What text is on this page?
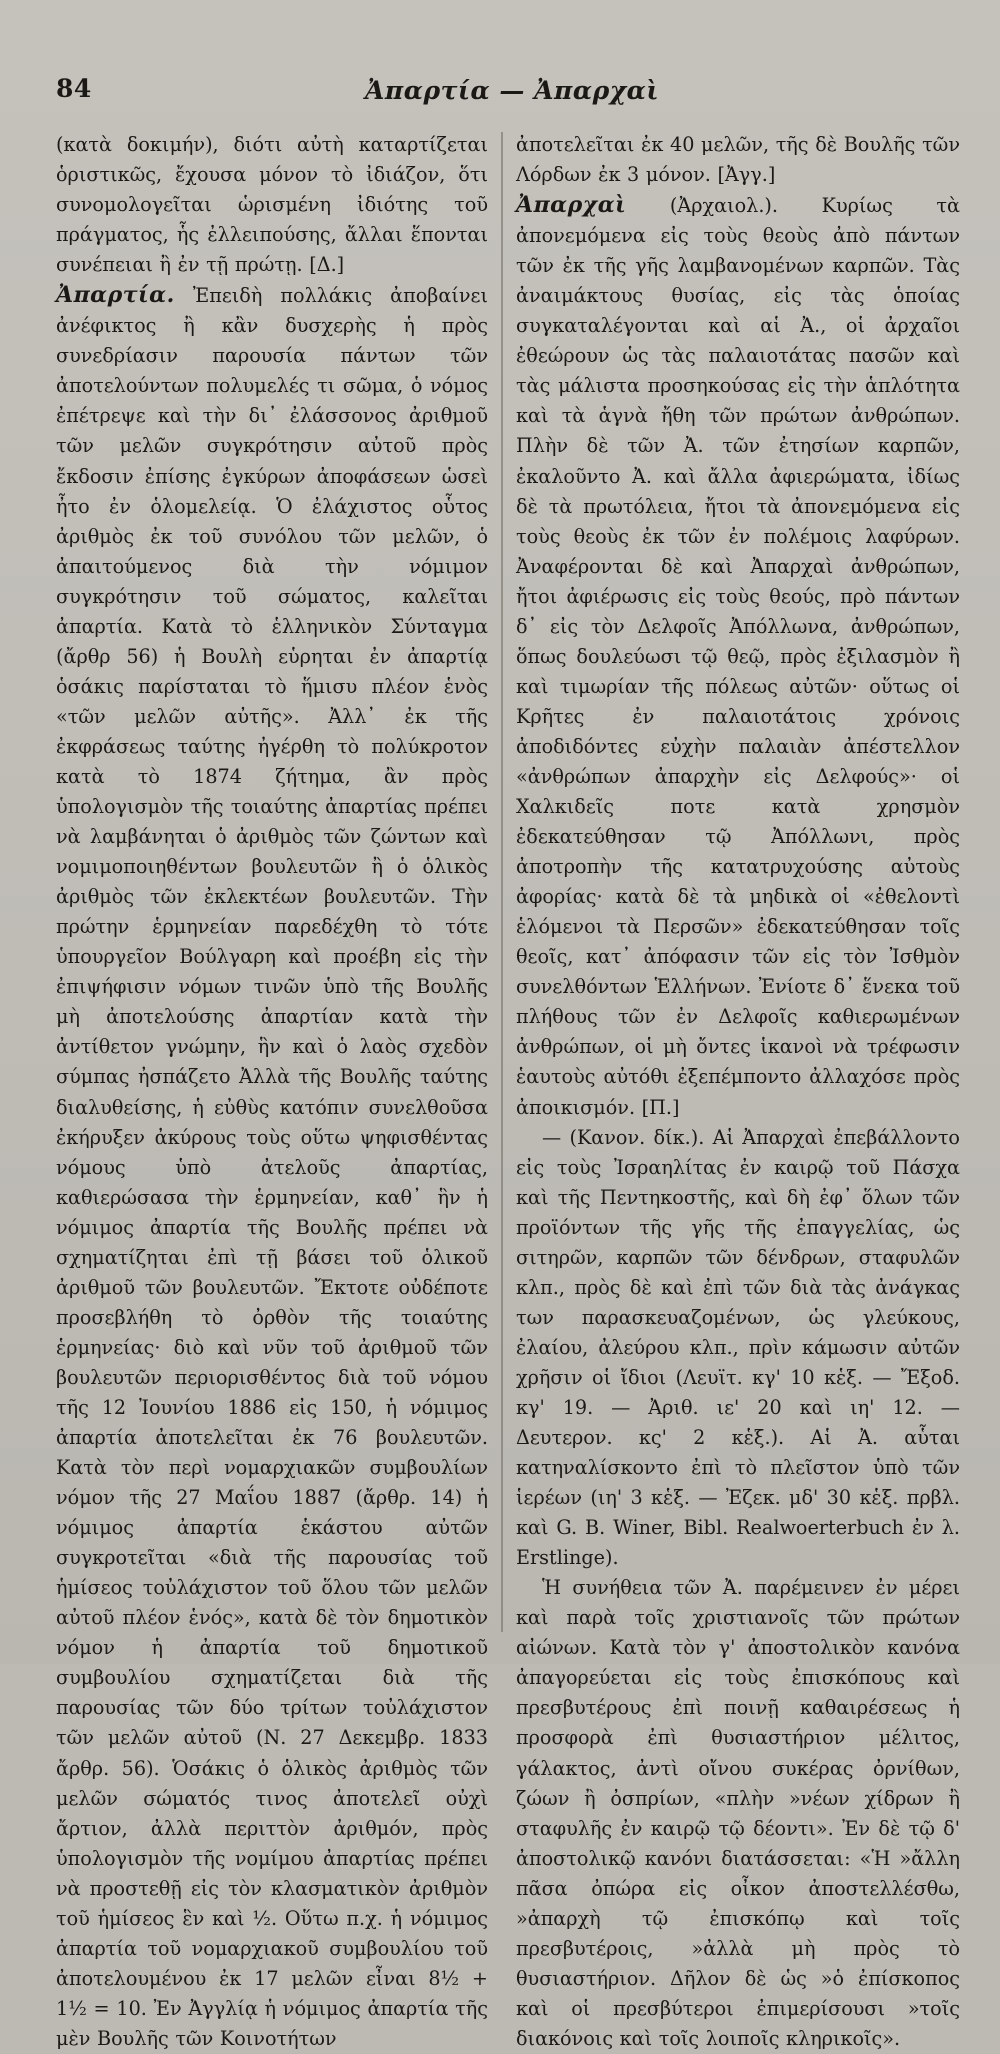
84	Ἀπαρτία — Ἀπαρχαὶ

(κατὰ δοκιμήν), διότι αὐτὴ καταρτίζεται ὁριστικῶς, ἔχουσα μόνον τὸ ἰδιάζον, ὅτι συνομολογεῖται ὡρισμένη ἰδιότης τοῦ πράγματος, ἧς ἐλλειπούσης, ἄλλαι ἕπονται συνέπειαι ἢ ἐν τῇ πρώτῃ. [Δ.]

Ἀπαρτία. Ἐπειδὴ πολλάκις ἀποβαίνει ἀνέφικτος ἢ κἂν δυσχερὴς ἡ πρὸς συνεδρίασιν παρουσία πάντων τῶν ἀποτελούντων πολυμελές τι σῶμα, ὁ νόμος ἐπέτρεψε καὶ τὴν δι᾿ ἐλάσσονος ἀριθμοῦ τῶν μελῶν συγκρότησιν αὐτοῦ πρὸς ἔκδοσιν ἐπίσης ἐγκύρων ἀποφάσεων ὡσεὶ ἦτο ἐν ὁλομελείᾳ. Ὁ ἐλάχιστος οὗτος ἀριθμὸς ἐκ τοῦ συνόλου τῶν μελῶν, ὁ ἀπαιτούμενος διὰ τὴν νόμιμον συγκρότησιν τοῦ σώματος, καλεῖται ἀπαρτία. Κατὰ τὸ ἑλληνικὸν Σύνταγμα (ἄρθρ 56) ἡ Βουλὴ εὑρηται ἐν ἀπαρτίᾳ ὁσάκις παρίσταται τὸ ἥμισυ πλέον ἑνὸς «τῶν μελῶν αὐτῆς». Ἀλλ᾿ ἐκ τῆς ἐκφράσεως ταύτης ἠγέρθη τὸ πολύκροτον κατὰ τὸ 1874 ζήτημα, ἂν πρὸς ὑπολογισμὸν τῆς τοιαύτης ἀπαρτίας πρέπει νὰ λαμβάνηται ὁ ἀριθμὸς τῶν ζώντων καὶ νομιμοποιηθέντων βουλευτῶν ἢ ὁ ὁλικὸς ἀριθμὸς τῶν ἐκλεκτέων βουλευτῶν. Τὴν πρώτην ἑρμηνείαν παρεδέχθη τὸ τότε ὑπουργεῖον Βούλγαρη καὶ προέβη εἰς τὴν ἐπιψήφισιν νόμων τινῶν ὑπὸ τῆς Βουλῆς μὴ ἀποτελούσης ἀπαρτίαν κατὰ τὴν ἀντίθετον γνώμην, ἣν καὶ ὁ λαὸς σχεδὸν σύμπας ἠσπάζετο Ἀλλὰ τῆς Βουλῆς ταύτης διαλυθείσης, ἡ εὐθὺς κατόπιν συνελθοῦσα ἐκήρυξεν ἀκύρους τοὺς οὕτω ψηφισθέντας νόμους ὑπὸ ἀτελοῦς ἀπαρτίας, καθιερώσασα τὴν ἑρμηνείαν, καθ᾿ ἣν ἡ νόμιμος ἀπαρτία τῆς Βουλῆς πρέπει νὰ σχηματίζηται ἐπὶ τῇ βάσει τοῦ ὁλικοῦ ἀριθμοῦ τῶν βουλευτῶν. Ἔκτοτε οὐδέποτε προσεβλήθη τὸ ὀρθὸν τῆς τοιαύτης ἑρμηνείας· διὸ καὶ νῦν τοῦ ἀριθμοῦ τῶν βουλευτῶν περιορισθέντος διὰ τοῦ νόμου τῆς 12 Ἰουνίου 1886 εἰς 150, ἡ νόμιμος ἀπαρτία ἀποτελεῖται ἐκ 76 βουλευτῶν. Κατὰ τὸν περὶ νομαρχιακῶν συμβουλίων νόμον τῆς 27 Μαΐου 1887 (ἄρθρ. 14) ἡ νόμιμος ἀπαρτία ἑκάστου αὐτῶν συγκροτεῖται «διὰ τῆς παρουσίας τοῦ ἡμίσεος τοὐλάχιστον τοῦ ὅλου τῶν μελῶν αὐτοῦ πλέον ἑνός», κατὰ δὲ τὸν δημοτικὸν νόμον ἡ ἀπαρτία τοῦ δημοτικοῦ συμβουλίου σχηματίζεται διὰ τῆς παρουσίας τῶν δύο τρίτων τοὐλάχιστον τῶν μελῶν αὐτοῦ (Ν. 27 Δεκεμβρ. 1833 ἄρθρ. 56). Ὁσάκις ὁ ὁλικὸς ἀριθμὸς τῶν μελῶν σώματός τινος ἀποτελεῖ οὐχὶ ἄρτιον, ἀλλὰ περιττὸν ἀριθμόν, πρὸς ὑπολογισμὸν τῆς νομίμου ἀπαρτίας πρέπει νὰ προστεθῇ εἰς τὸν κλασματικὸν ἀριθμὸν τοῦ ἡμίσεος ἓν καὶ ½. Οὕτω π.χ. ἡ νόμιμος ἀπαρτία τοῦ νομαρχιακοῦ συμβουλίου τοῦ ἀποτελουμένου ἐκ 17 μελῶν εἶναι 8½ + 1½ = 10. Ἐν Ἀγγλίᾳ ἡ νόμιμος ἀπαρτία τῆς μὲν Βουλῆς τῶν Κοινοτήτων

ἀποτελεῖται ἐκ 40 μελῶν, τῆς δὲ Βουλῆς τῶν Λόρδων ἐκ 3 μόνον. [Ἀγγ.]

Ἀπαρχαὶ (Ἀρχαιολ.). Κυρίως τὰ ἀπονεμόμενα εἰς τοὺς θεοὺς ἀπὸ πάντων τῶν ἐκ τῆς γῆς λαμβανομένων καρπῶν. Τὰς ἀναιμάκτους θυσίας, εἰς τὰς ὁποίας συγκαταλέγονται καὶ αἱ Ἀ., οἱ ἀρχαῖοι ἐθεώρουν ὡς τὰς παλαιοτάτας πασῶν καὶ τὰς μάλιστα προσηκούσας εἰς τὴν ἁπλότητα καὶ τὰ ἁγνὰ ἤθη τῶν πρώτων ἀνθρώπων. Πλὴν δὲ τῶν Ἀ. τῶν ἐτησίων καρπῶν, ἐκαλοῦντο Ἀ. καὶ ἄλλα ἀφιερώματα, ἰδίως δὲ τὰ πρωτόλεια, ἤτοι τὰ ἀπονεμόμενα εἰς τοὺς θεοὺς ἐκ τῶν ἐν πολέμοις λαφύρων. Ἀναφέρονται δὲ καὶ Ἀπαρχαὶ ἀνθρώπων, ἤτοι ἀφιέρωσις εἰς τοὺς θεούς, πρὸ πάντων δ᾿ εἰς τὸν Δελφοῖς Ἀπόλλωνα, ἀνθρώπων, ὅπως δουλεύωσι τῷ θεῷ, πρὸς ἐξιλασμὸν ἢ καὶ τιμωρίαν τῆς πόλεως αὐτῶν· οὕτως οἱ Κρῆτες ἐν παλαιοτάτοις χρόνοις ἀποδιδόντες εὐχὴν παλαιὰν ἀπέστελλον «ἀνθρώπων ἀπαρχὴν εἰς Δελφούς»· οἱ Χαλκιδεῖς ποτε κατὰ χρησμὸν ἐδεκατεύθησαν τῷ Ἀπόλλωνι, πρὸς ἀποτροπὴν τῆς κατατρυχούσης αὐτοὺς ἀφορίας· κατὰ δὲ τὰ μηδικὰ οἱ «ἐθελοντὶ ἑλόμενοι τὰ Περσῶν» ἐδεκατεύθησαν τοῖς θεοῖς, κατ᾿ ἀπόφασιν τῶν εἰς τὸν Ἰσθμὸν συνελθόντων Ἑλλήνων. Ἐνίοτε δ᾿ ἕνεκα τοῦ πλήθους τῶν ἐν Δελφοῖς καθιερωμένων ἀνθρώπων, οἱ μὴ ὄντες ἱκανοὶ νὰ τρέφωσιν ἑαυτοὺς αὐτόθι ἐξεπέμποντο ἀλλαχόσε πρὸς ἀποικισμόν. [Π.]

— (Κανον. δίκ.). Αἱ Ἀπαρχαὶ ἐπεβάλλοντο εἰς τοὺς Ἰσραηλίτας ἐν καιρῷ τοῦ Πάσχα καὶ τῆς Πεντηκοστῆς, καὶ δὴ ἐφ᾿ ὅλων τῶν προϊόντων τῆς γῆς τῆς ἐπαγγελίας, ὡς σιτηρῶν, καρπῶν τῶν δένδρων, σταφυλῶν κλπ., πρὸς δὲ καὶ ἐπὶ τῶν διὰ τὰς ἀνάγκας των παρασκευαζομένων, ὡς γλεύκους, ἐλαίου, ἀλεύρου κλπ., πρὶν κάμωσιν αὐτῶν χρῆσιν οἱ ἴδιοι (Λευϊτ. κγ' 10 κἑξ. — Ἔξοδ. κγ' 19. — Ἀριθ. ιε' 20 καὶ ιη' 12. — Δευτερον. κς' 2 κἑξ.). Αἱ Ἀ. αὗται κατηναλίσκοντο ἐπὶ τὸ πλεῖστον ὑπὸ τῶν ἱερέων (ιη' 3 κἑξ. — Ἐζεκ. μδ' 30 κἑξ. πρβλ. καὶ G. B. Winer, Bibl. Realwoerterbuch ἐν λ. Erstlinge).

Ἡ συνήθεια τῶν Ἀ. παρέμεινεν ἐν μέρει καὶ παρὰ τοῖς χριστιανοῖς τῶν πρώτων αἰώνων. Κατὰ τὸν γ' ἀποστολικὸν κανόνα ἀπαγορεύεται εἰς τοὺς ἐπισκόπους καὶ πρεσβυτέρους ἐπὶ ποινῇ καθαιρέσεως ἡ προσφορὰ ἐπὶ θυσιαστήριον μέλιτος, γάλακτος, ἀντὶ οἴνου συκέρας ὀρνίθων, ζώων ἢ ὀσπρίων, «πλὴν »νέων χίδρων ἢ σταφυλῆς ἐν καιρῷ τῷ δέοντι». Ἐν δὲ τῷ δ' ἀποστολικῷ κανόνι διατάσσεται: «Ἡ »ἄλλη πᾶσα ὀπώρα εἰς οἶκον ἀποστελλέσθω, »ἀπαρχὴ τῷ ἐπισκόπῳ καὶ τοῖς πρεσβυτέροις, »ἀλλὰ μὴ πρὸς τὸ θυσιαστήριον. Δῆλον δὲ ὡς »ὁ ἐπίσκοπος καὶ οἱ πρεσβύτεροι ἐπιμερίσουσι »τοῖς διακόνοις καὶ τοῖς λοιποῖς κληρικοῖς».
